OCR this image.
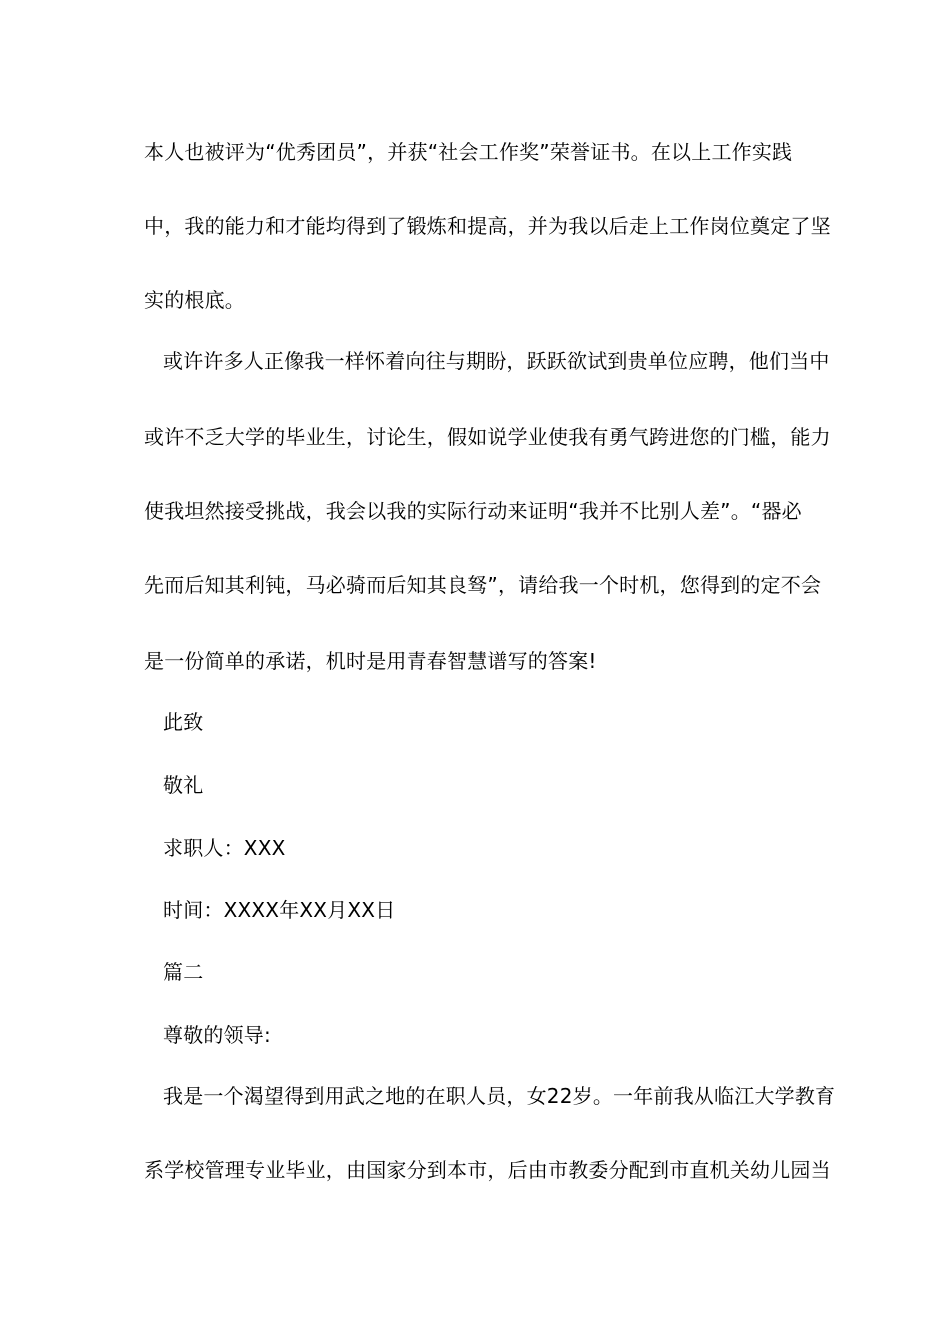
本人也被评为“优秀团员”，并获“社会工作奖”荣誉证书。在以上工作实践
中，我的能力和才能均得到了锻炼和提高，并为我以后走上工作岗位奠定了坚
实的根底。
或许许多人正像我一样怀着向往与期盼，跃跃欲试到贵单位应聘，他们当中
或许不乏大学的毕业生，讨论生，假如说学业使我有勇气跨进您的门槛，能力
使我坦然接受挑战，我会以我的实际行动来证明“我并不比别人差”。“器必
先而后知其利钝，马必骑而后知其良驽”，请给我一个时机，您得到的定不会
是一份简单的承诺，机时是用青春智慧谱写的答案!
此致
敬礼
求职人：XXX
时间：XXXX年XX月XX日
篇二
尊敬的领导:
我是一个渴望得到用武之地的在职人员，女22岁。一年前我从临江大学教育
系学校管理专业毕业，由国家分到本市，后由市教委分配到市直机关幼儿园当
